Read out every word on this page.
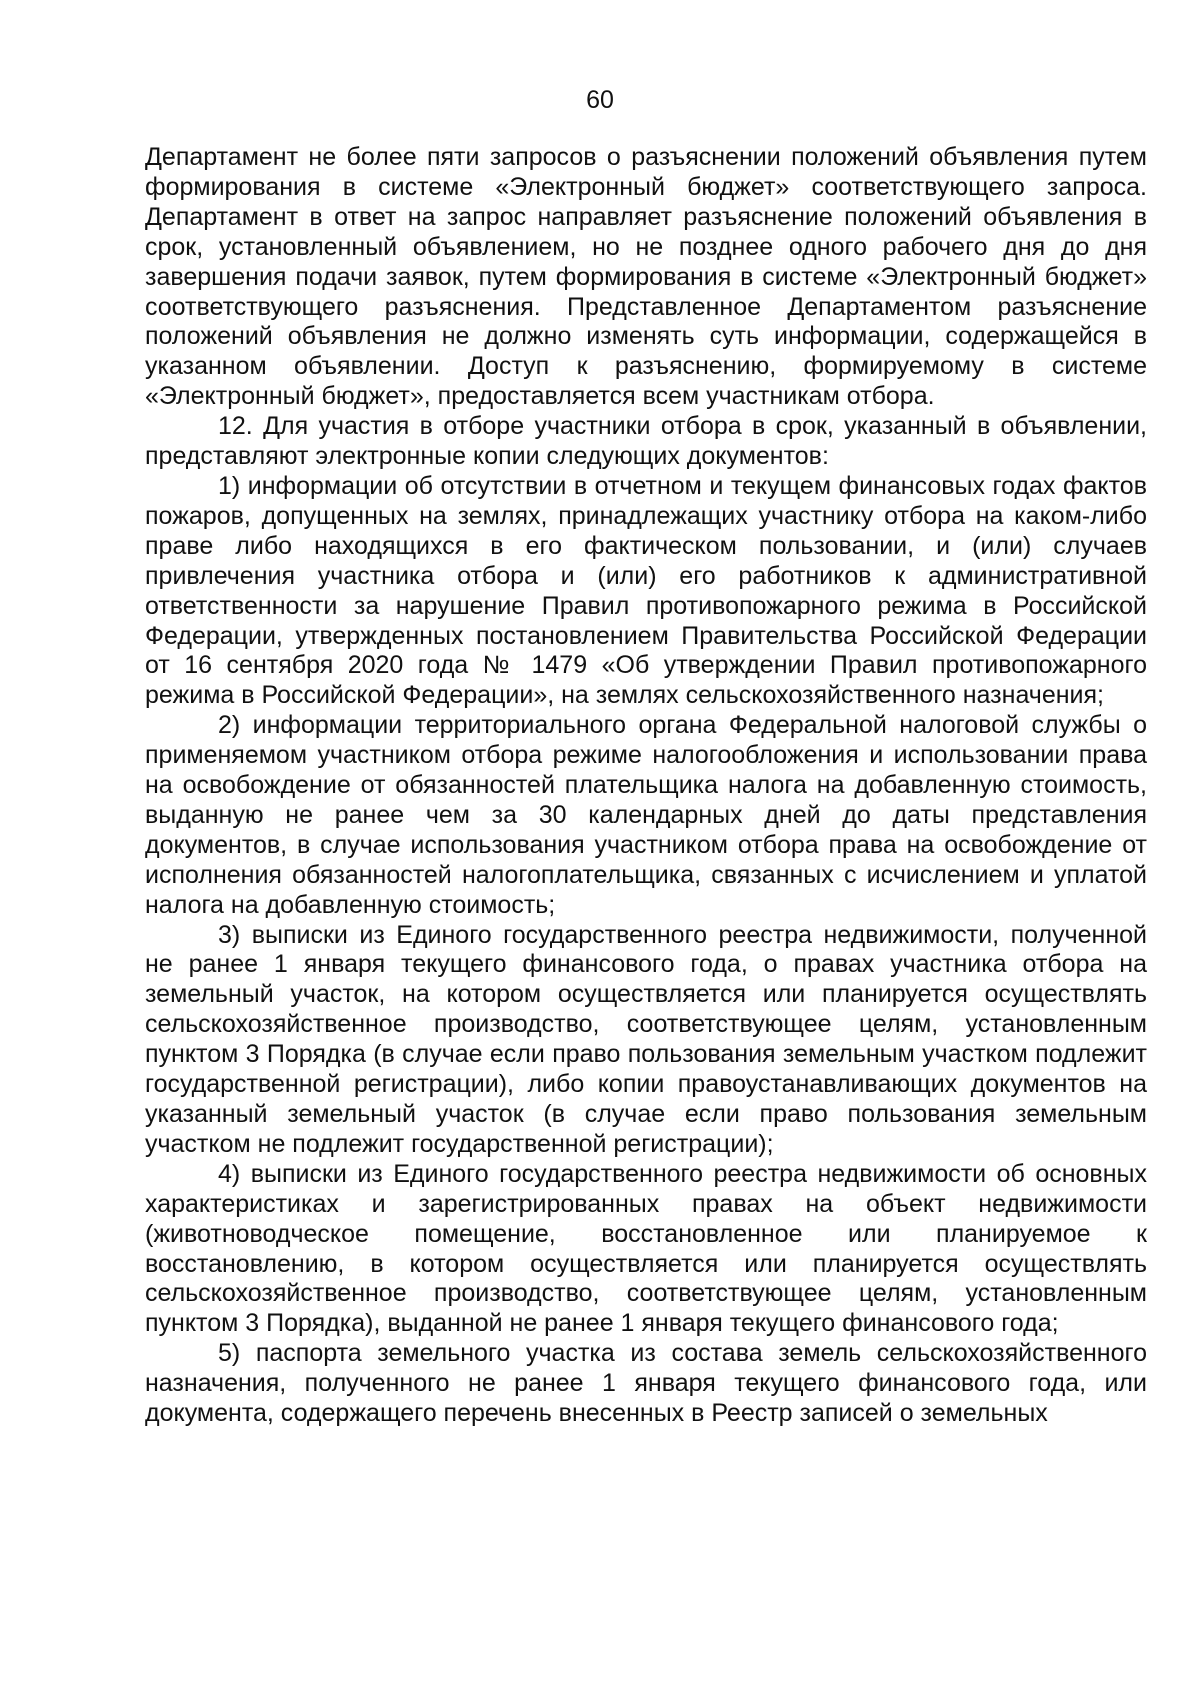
60

Департамент не более пяти запросов о разъяснении положений объявления путем формирования в системе «Электронный бюджет» соответствующего запроса. Департамент в ответ на запрос направляет разъяснение положений объявления в срок, установленный объявлением, но не позднее одного рабочего дня до дня завершения подачи заявок, путем формирования в системе «Электронный бюджет» соответствующего разъяснения. Представленное Департаментом разъяснение положений объявления не должно изменять суть информации, содержащейся в указанном объявлении. Доступ к разъяснению, формируемому в системе «Электронный бюджет», предоставляется всем участникам отбора.

12. Для участия в отборе участники отбора в срок, указанный в объявлении, представляют электронные копии следующих документов:

1) информации об отсутствии в отчетном и текущем финансовых годах фактов пожаров, допущенных на землях, принадлежащих участнику отбора на каком-либо праве либо находящихся в его фактическом пользовании, и (или) случаев привлечения участника отбора и (или) его работников к административной ответственности за нарушение Правил противопожарного режима в Российской Федерации, утвержденных постановлением Правительства Российской Федерации от 16 сентября 2020 года № 1479 «Об утверждении Правил противопожарного режима в Российской Федерации», на землях сельскохозяйственного назначения;

2) информации территориального органа Федеральной налоговой службы о применяемом участником отбора режиме налогообложения и использовании права на освобождение от обязанностей плательщика налога на добавленную стоимость, выданную не ранее чем за 30 календарных дней до даты представления документов, в случае использования участником отбора права на освобождение от исполнения обязанностей налогоплательщика, связанных с исчислением и уплатой налога на добавленную стоимость;

3) выписки из Единого государственного реестра недвижимости, полученной не ранее 1 января текущего финансового года, о правах участника отбора на земельный участок, на котором осуществляется или планируется осуществлять сельскохозяйственное производство, соответствующее целям, установленным пунктом 3 Порядка (в случае если право пользования земельным участком подлежит государственной регистрации), либо копии правоустанавливающих документов на указанный земельный участок (в случае если право пользования земельным участком не подлежит государственной регистрации);

4) выписки из Единого государственного реестра недвижимости об основных характеристиках и зарегистрированных правах на объект недвижимости (животноводческое помещение, восстановленное или планируемое к восстановлению, в котором осуществляется или планируется осуществлять сельскохозяйственное производство, соответствующее целям, установленным пунктом 3 Порядка), выданной не ранее 1 января текущего финансового года;

5) паспорта земельного участка из состава земель сельскохозяйственного назначения, полученного не ранее 1 января текущего финансового года, или документа, содержащего перечень внесенных в Реестр записей о земельных
